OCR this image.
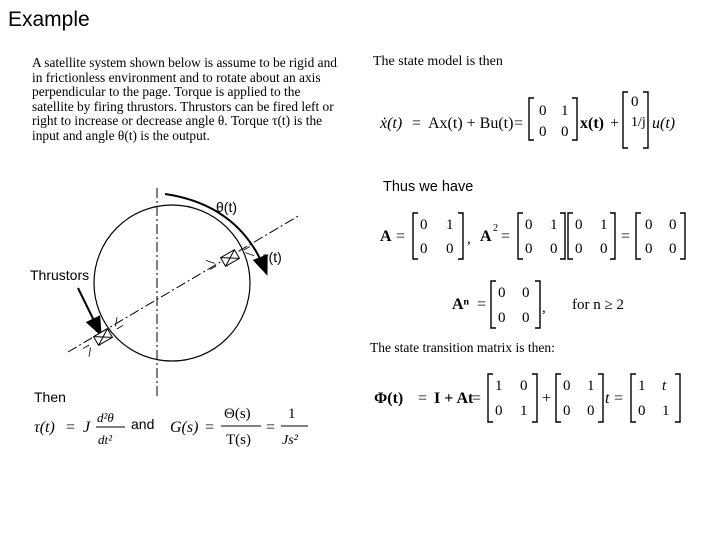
Example
A satellite system shown below is assume to be rigid and in frictionless environment and to rotate about an axis perpendicular to the page. Torque is applied to the satellite by firing thrustors. Thrustors can be fired left or right to increase or decrease angle θ. Torque τ(t) is the input and angle θ(t) is the output.
The state model is then
Thus we have
The state transition matrix is then:
Then
and
Thrustors
θ(t)
τ(t)
ẋ(t) = Ax(t) + Bu(t) =
0 1
0 0 x(t) +
0
1/j u(t)
A =
0 1
0 0
, A 2 =
0 1
0 0
0 1
0 0
=
0 0
0 0
Aⁿ =
0 0
0 0
, for n ≥ 2
Φ(t) = I + At
=
1 0
0 1
+
0 1
0 0
t =
1 t
0 1
τ(t) = J
d²θ
dt²
G(s) =
Θ(s)
T(s)
=
1
Js²
